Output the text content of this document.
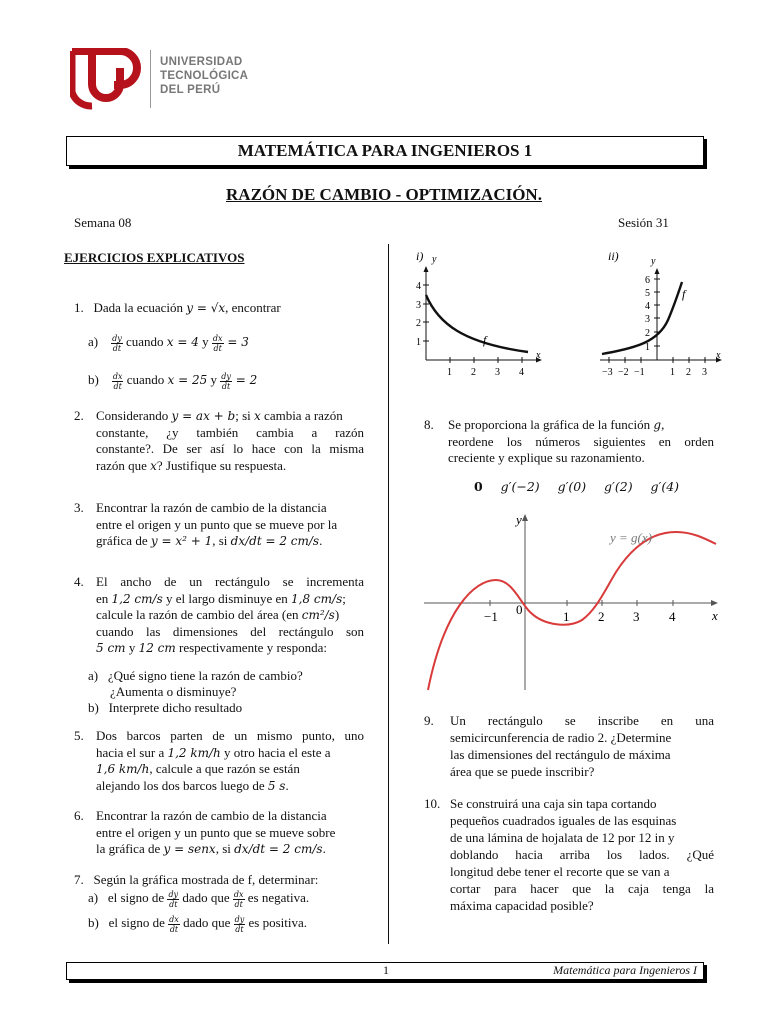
UNIVERSIDAD
TECNOLÓGICA
DEL PERÚ
MATEMÁTICA PARA INGENIEROS 1
RAZÓN DE CAMBIO - OPTIMIZACIÓN.
Semana 08	Sesión 31
EJERCICIOS EXPLICATIVOS
1. Dada la ecuación y = √x, encontrar
$a) \frac{dy}{dt}$ cuando x = 4 y $\frac{dx}{dt} = 3$
$b) \frac{dx}{dt}$ cuando x = 25 y $\frac{dy}{dt} = 2$
2. Considerando y = ax + b; si x cambia a razón
constante, ¿y también cambia a razón
constante?. De ser así lo hace con la misma
razón que x? Justifique su respuesta.
3. Encontrar la razón de cambio de la distancia
entre el origen y un punto que se mueve por la
gráfica de y = x² + 1, si dx/dt = 2 cm/s.
4. El ancho de un rectángulo se incrementa
en 1,2 cm/s y el largo disminuye en 1,8 cm/s;
calcule la razón de cambio del área (en cm²/s)
cuando las dimensiones del rectángulo son
5 cm y 12 cm respectivamente y responda:
a) ¿Qué signo tiene la razón de cambio?
¿Aumenta o disminuye?
b) Interprete dicho resultado
5. Dos barcos parten de un mismo punto, uno
hacia el sur a 1,2 km/h y otro hacia el este a
1,6 km/h, calcule a que razón se están
alejando los dos barcos luego de 5 s.
6. Encontrar la razón de cambio de la distancia
entre el origen y un punto que se mueve sobre
la gráfica de y = senx, si dx/dt = 2 cm/s.
7. Según la gráfica mostrada de f, determinar:
a) el signo de $\frac{dy}{dt}$ dado que $\frac{dx}{dt}$ es negativa.
b) el signo de $\frac{dx}{dt}$ dado que $\frac{dy}{dt}$ es positiva.
i) y
x
1
2
3
4
1 2 3 4
f
ii)	y
x
1
2
3
4
5
6
−3 −2 −1	1 2 3
f
8. Se proporciona la gráfica de la función g,
reordene los números siguientes en orden
creciente y explique su razonamiento.
0 g′(−2) g′(0) g′(2) g′(4)
y
x
−1 0	1 2 3 4
y = g(x)
9. Un rectángulo se inscribe en una
semicircunferencia de radio 2. ¿Determine
las dimensiones del rectángulo de máxima
área que se puede inscribir?
10. Se construirá una caja sin tapa cortando
pequeños cuadrados iguales de las esquinas
de una lámina de hojalata de 12 por 12 in y
doblando hacia arriba los lados. ¿Qué
longitud debe tener el recorte que se van a
cortar para hacer que la caja tenga la
máxima capacidad posible?
1	Matemática para Ingenieros I
